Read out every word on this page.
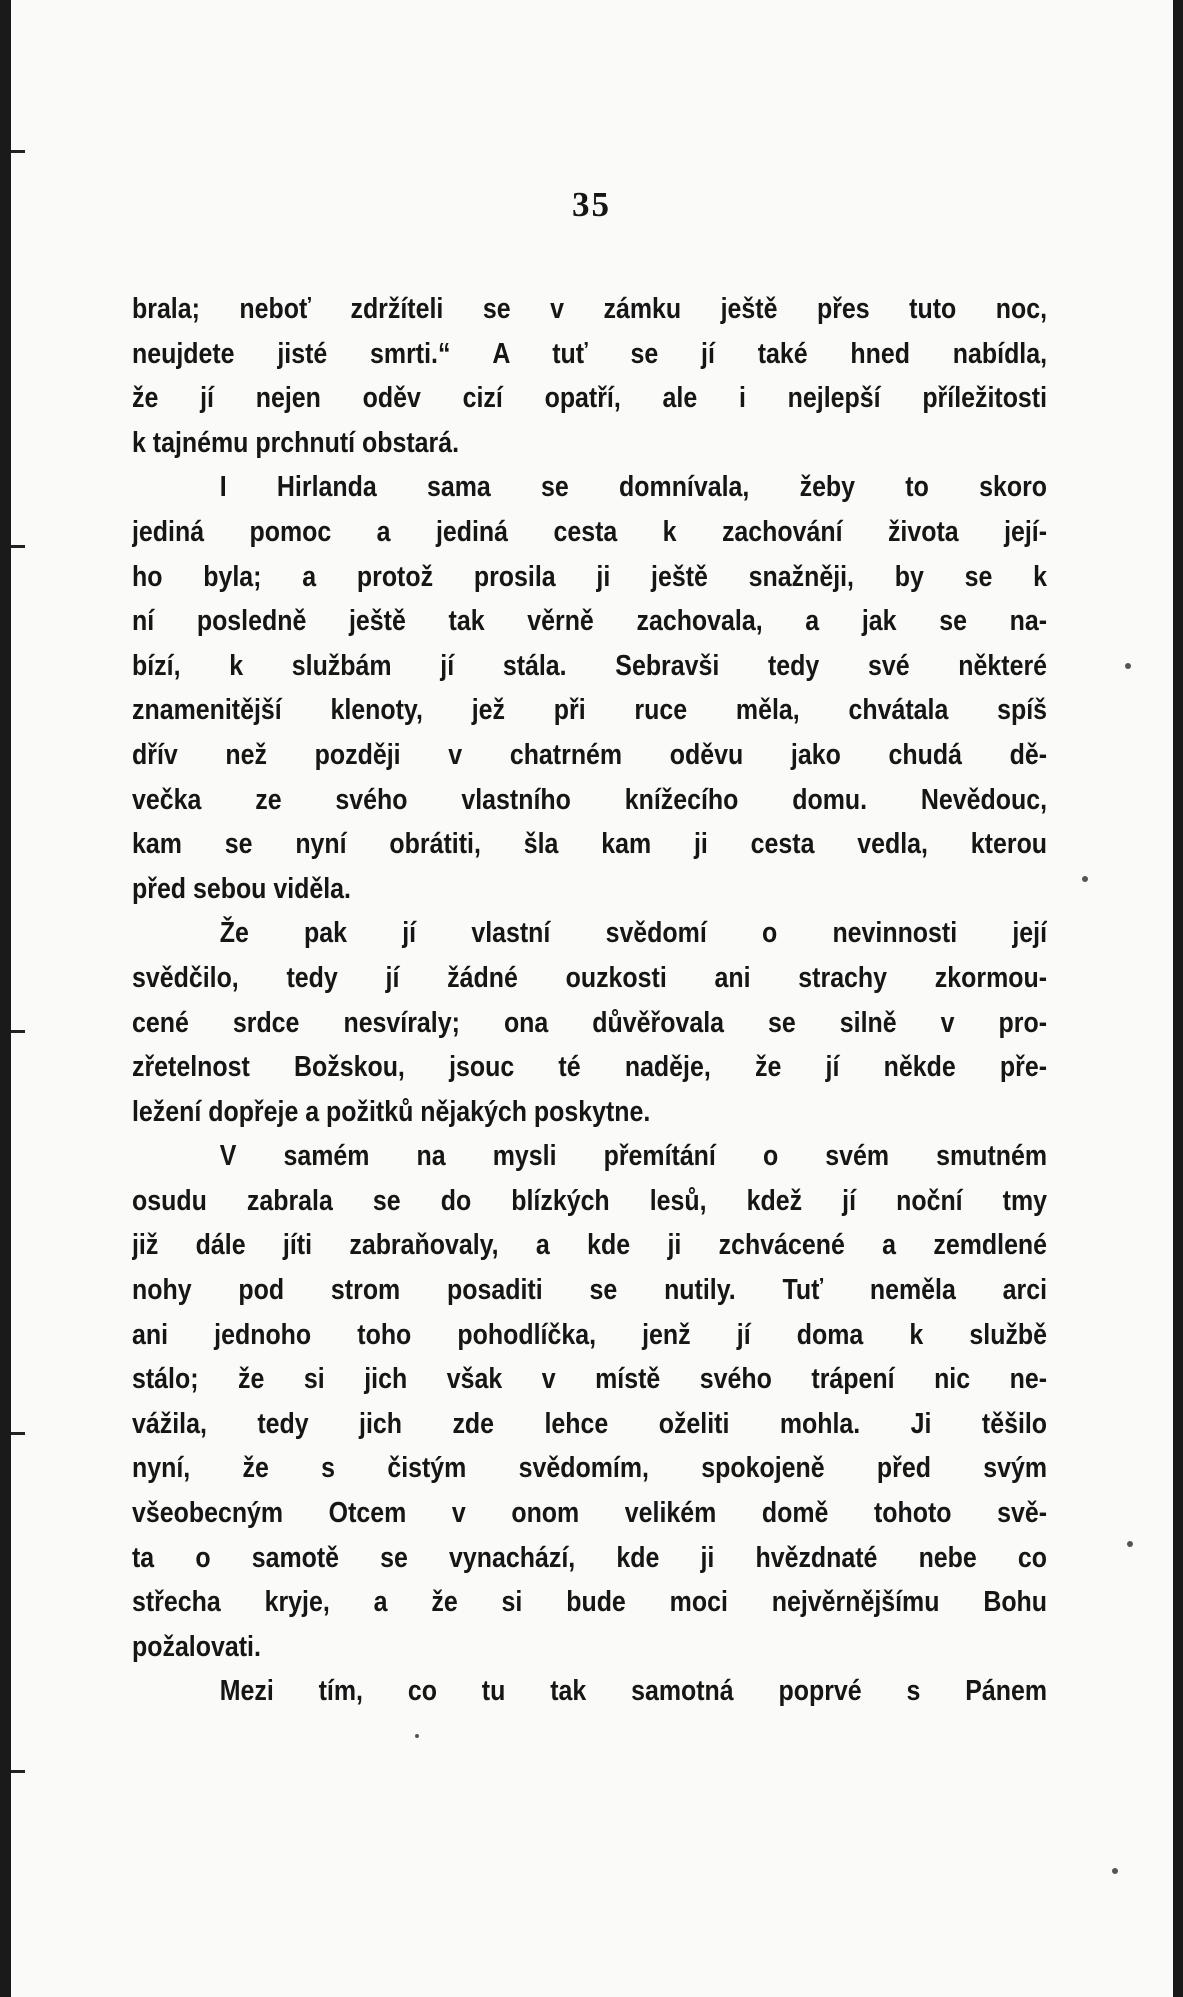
35
brala; neboť zdržíteli se v zámku ještě přes tuto noc,
neujdete jisté smrti.“ A tuť se jí také hned nabídla,
že jí nejen oděv cizí opatří, ale i nejlepší příležitosti
k tajnému prchnutí obstará.
I Hirlanda sama se domnívala, žeby to skoro
jediná pomoc a jediná cesta k zachování života její-
ho byla; a protož prosila ji ještě snažněji, by se k
ní posledně ještě tak věrně zachovala, a jak se na-
bízí, k službám jí stála. Sebravši tedy své některé
znamenitější klenoty, jež při ruce měla, chvátala spíš
dřív než později v chatrném oděvu jako chudá dě-
večka ze svého vlastního knížecího domu. Nevědouc,
kam se nyní obrátiti, šla kam ji cesta vedla, kterou
před sebou viděla.
Že pak jí vlastní svědomí o nevinnosti její
svědčilo, tedy jí žádné ouzkosti ani strachy zkormou-
cené srdce nesvíraly; ona důvěřovala se silně v pro-
zřetelnost Božskou, jsouc té naděje, že jí někde pře-
ležení dopřeje a požitků nějakých poskytne.
V samém na mysli přemítání o svém smutném
osudu zabrala se do blízkých lesů, kdež jí noční tmy
již dále jíti zabraňovaly, a kde ji zchvácené a zemdlené
nohy pod strom posaditi se nutily. Tuť neměla arci
ani jednoho toho pohodlíčka, jenž jí doma k službě
stálo; že si jich však v místě svého trápení nic ne-
vážila, tedy jich zde lehce oželiti mohla. Ji těšilo
nyní, že s čistým svědomím, spokojeně před svým
všeobecným Otcem v onom velikém domě tohoto svě-
ta o samotě se vynachází, kde ji hvězdnaté nebe co
střecha kryje, a že si bude moci nejvěrnějšímu Bohu
požalovati.
Mezi tím, co tu tak samotná poprvé s Pánem
